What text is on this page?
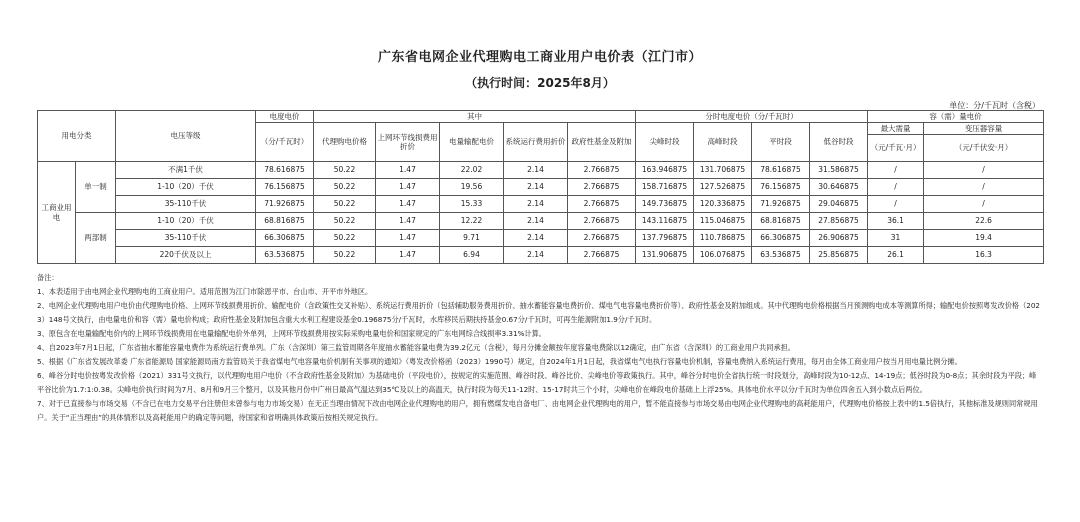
广东省电网企业代理购电工商业用户电价表（江门市）
（执行时间：2025年8月）
单位：分/千瓦时（含税）
用电分类		电压等级	电度电价	其中					分时电度电价（分/千瓦时）				容（需）量电价	
			（分/千瓦时）	代理购电价格	上网环节线损费用折价	电量输配电价	系统运行费用折价	政府性基金及附加	尖峰时段	高峰时段	平时段	低谷时段	最大需量	变压器容量
													（元/千瓦·月）	（元/千伏安·月）
工商业用电	单一制	不满1千伏	78.616875	50.22	1.47	22.02	2.14	2.766875	163.946875	131.706875	78.616875	31.586875	/	/
		1-10（20）千伏	76.156875	50.22	1.47	19.56	2.14	2.766875	158.716875	127.526875	76.156875	30.646875	/	/
		35-110千伏	71.926875	50.22	1.47	15.33	2.14	2.766875	149.736875	120.336875	71.926875	29.046875	/	/
	两部制	1-10（20）千伏	68.816875	50.22	1.47	12.22	2.14	2.766875	143.116875	115.046875	68.816875	27.856875	36.1	22.6
		35-110千伏	66.306875	50.22	1.47	9.71	2.14	2.766875	137.796875	110.786875	66.306875	26.906875	31	19.4
		220千伏及以上	63.536875	50.22	1.47	6.94	2.14	2.766875	131.906875	106.076875	63.536875	25.856875	26.1	16.3

备注：

1、本表适用于由电网企业代理购电的工商业用户。适用范围为江门市除恩平市、台山市、开平市外地区。

2、电网企业代理购电用户电价由代理购电价格、上网环节线损费用折价、输配电价（含政策性交叉补贴）、系统运行费用折价（包括辅助服务费用折价、抽水蓄能容量电费折价、煤电气电容量电费折价等）、政府性基金及附加组成。其中代理购电价格根据当月预测购电成本等测算所得；输配电价按照粤发改价格（2023）148号文执行，由电量电价和容（需）量电价构成；政府性基金及附加包含重大水利工程建设基金0.196875分/千瓦时，水库移民后期扶持基金0.67分/千瓦时，可再生能源附加1.9分/千瓦时。

3、原包含在电量输配电价内的上网环节线损费用在电量输配电价外单列，上网环节线损费用按实际采购电量电价和国家规定的广东电网综合线损率3.31%计算。

4、自2023年7月1日起，广东省抽水蓄能容量电费作为系统运行费单列。广东（含深圳）第三监管周期各年度抽水蓄能容量电费为39.2亿元（含税），每月分摊金额按年度容量电费除以12确定，由广东省（含深圳）的工商业用户共同承担。

5、根据《广东省发展改革委 广东省能源局 国家能源局南方监管局关于我省煤电气电容量电价机制有关事项的通知》（粤发改价格函（2023）1990号）规定，自2024年1月1日起，我省煤电气电执行容量电价机制，容量电费纳入系统运行费用，每月由全体工商业用户按当月用电量比例分摊。

6、峰谷分时电价按粤发改价格（2021）331号文执行，以代理购电用户电价（不含政府性基金及附加）为基础电价（平段电价），按规定的实施范围、峰谷时段、峰谷比价、尖峰电价等政策执行。其中，峰谷分时电价全省执行统一时段划分，高峰时段为10-12点、14-19点；低谷时段为0-8点；其余时段为平段；峰平谷比价为1.7:1:0.38。尖峰电价执行时间为7月、8月和9月三个整月，以及其他月份中广州日最高气温达到35℃及以上的高温天，执行时段为每天11-12时、15-17时共三个小时，尖峰电价在峰段电价基础上上浮25%。具体电价水平以分/千瓦时为单位四舍五入到小数点后两位。

7、对于已直接参与市场交易（不含已在电力交易平台注册但未曾参与电力市场交易）在无正当理由情况下改由电网企业代理购电的用户，拥有燃煤发电自备电厂、由电网企业代理购电的用户，暂不能直接参与市场交易由电网企业代理购电的高耗能用户，代理购电价格按上表中的1.5倍执行，其他标准及规则同常规用户。关于“正当理由”的具体情形以及高耗能用户的确定等问题，待国家和省明确具体政策后按相关规定执行。
